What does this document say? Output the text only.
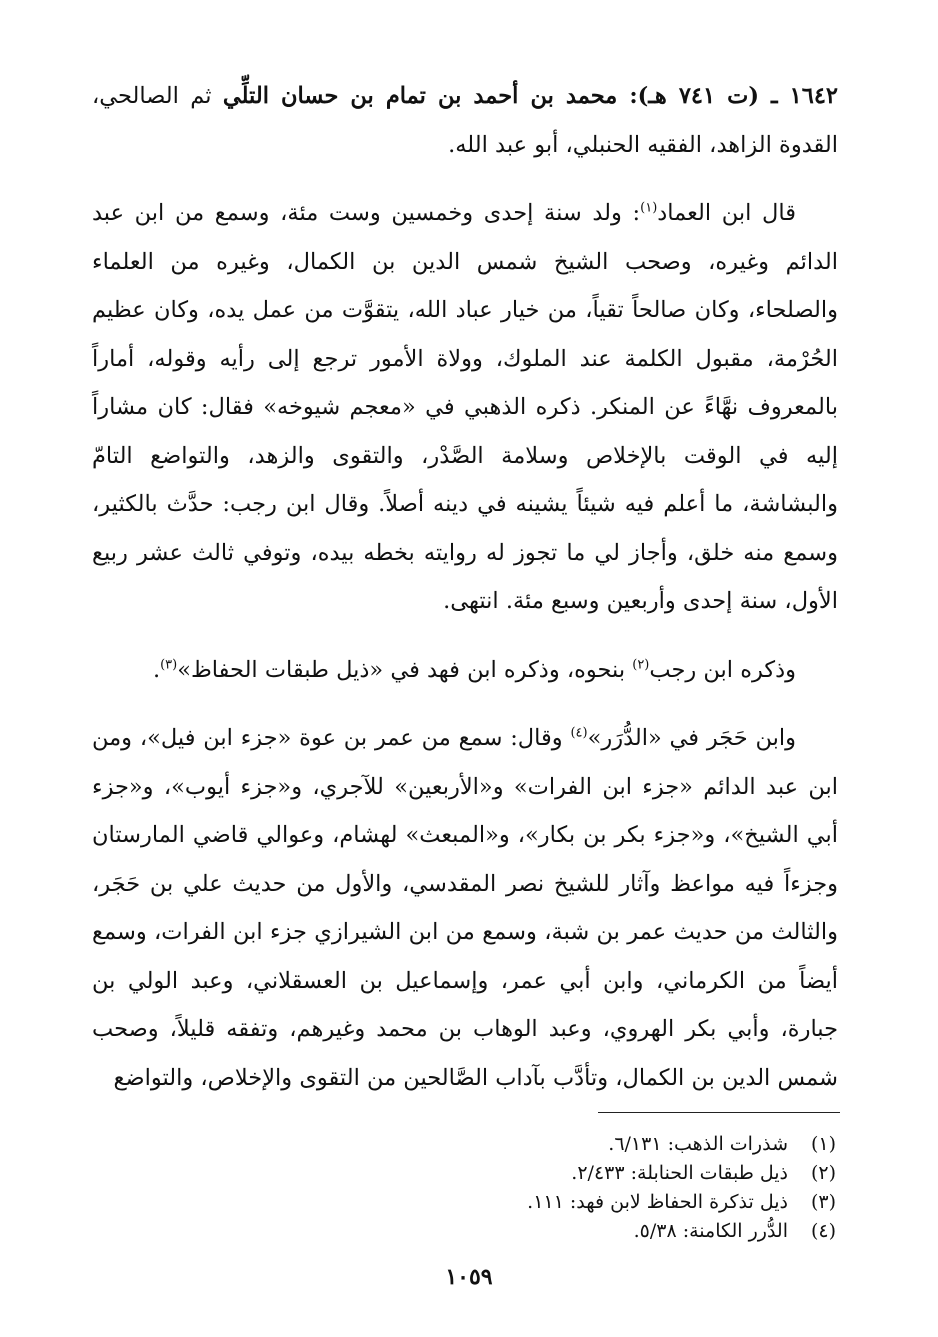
١٦٤٢ ـ (ت ٧٤١ هـ): محمد بن أحمد بن تمام بن حسان التلِّي ثم الصالحي، القدوة الزاهد، الفقيه الحنبلي، أبو عبد الله.

قال ابن العماد$^{(١)}$: ولد سنة إحدى وخمسين وست مئة، وسمع من ابن عبد الدائم وغيره، وصحب الشيخ شمس الدين بن الكمال، وغيره من العلماء والصلحاء، وكان صالحاً تقياً، من خيار عباد الله، يتقوَّت من عمل يده، وكان عظيم الحُرْمة، مقبول الكلمة عند الملوك، وولاة الأمور ترجع إلى رأيه وقوله، أماراً بالمعروف نهَّاءً عن المنكر. ذكره الذهبي في «معجم شيوخه» فقال: كان مشاراً إليه في الوقت بالإخلاص وسلامة الصَّدْر، والتقوى والزهد، والتواضع التامّ والبشاشة، ما أعلم فيه شيئاً يشينه في دينه أصلاً. وقال ابن رجب: حدَّث بالكثير، وسمع منه خلق، وأجاز لي ما تجوز له روايته بخطه بيده، وتوفي ثالث عشر ربيع الأول، سنة إحدى وأربعين وسبع مئة. انتهى.

وذكره ابن رجب$^{(٢)}$ بنحوه، وذكره ابن فهد في «ذيل طبقات الحفاظ»$^{(٣)}$.

وابن حَجَر في «الدُّرَر»$^{(٤)}$ وقال: سمع من عمر بن عوة «جزء ابن فيل»، ومن ابن عبد الدائم «جزء ابن الفرات» و«الأربعين» للآجري، و«جزء أيوب»، و«جزء أبي الشيخ»، و«جزء بكر بن بكار»، و«المبعث» لهشام، وعوالي قاضي المارستان وجزءاً فيه مواعظ وآثار للشيخ نصر المقدسي، والأول من حديث علي بن حَجَر، والثالث من حديث عمر بن شبة، وسمع من ابن الشيرازي جزء ابن الفرات، وسمع أيضاً من الكرماني، وابن أبي عمر، وإسماعيل بن العسقلاني، وعبد الولي بن جبارة، وأبي بكر الهروي، وعبد الوهاب بن محمد وغيرهم، وتفقه قليلاً، وصحب شمس الدين بن الكمال، وتأدَّب بآداب الصَّالحين من التقوى والإخلاص، والتواضع

(١)
شذرات الذهب: ٦/١٣١.
(٢)
ذيل طبقات الحنابلة: ٢/٤٣٣.
(٣)
ذيل تذكرة الحفاظ لابن فهد: ١١١.
(٤)
الدُّرر الكامنة: ٥/٣٨.
١٠٥٩
